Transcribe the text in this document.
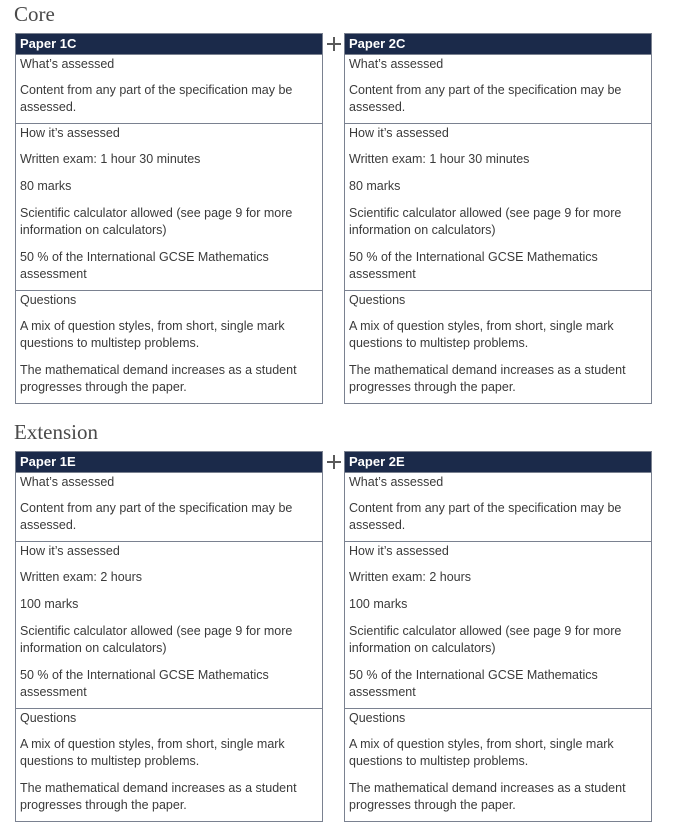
Core
Paper 1C
What’s assessed
Content from any part of the specification may be assessed.
How it’s assessed
Written exam: 1 hour 30 minutes
80 marks
Scientific calculator allowed (see page 9 for more information on calculators)
50 % of the International GCSE Mathematics assessment
Questions
A mix of question styles, from short, single mark questions to multistep problems.
The mathematical demand increases as a student progresses through the paper.
Paper 2C
What’s assessed
Content from any part of the specification may be assessed.
How it’s assessed
Written exam: 1 hour 30 minutes
80 marks
Scientific calculator allowed (see page 9 for more information on calculators)
50 % of the International GCSE Mathematics assessment
Questions
A mix of question styles, from short, single mark questions to multistep problems.
The mathematical demand increases as a student progresses through the paper.
Extension
Paper 1E
What’s assessed
Content from any part of the specification may be assessed.
How it’s assessed
Written exam: 2 hours
100 marks
Scientific calculator allowed (see page 9 for more information on calculators)
50 % of the International GCSE Mathematics assessment
Questions
A mix of question styles, from short, single mark questions to multistep problems.
The mathematical demand increases as a student progresses through the paper.
Paper 2E
What’s assessed
Content from any part of the specification may be assessed.
How it’s assessed
Written exam: 2 hours
100 marks
Scientific calculator allowed (see page 9 for more information on calculators)
50 % of the International GCSE Mathematics assessment
Questions
A mix of question styles, from short, single mark questions to multistep problems.
The mathematical demand increases as a student progresses through the paper.
